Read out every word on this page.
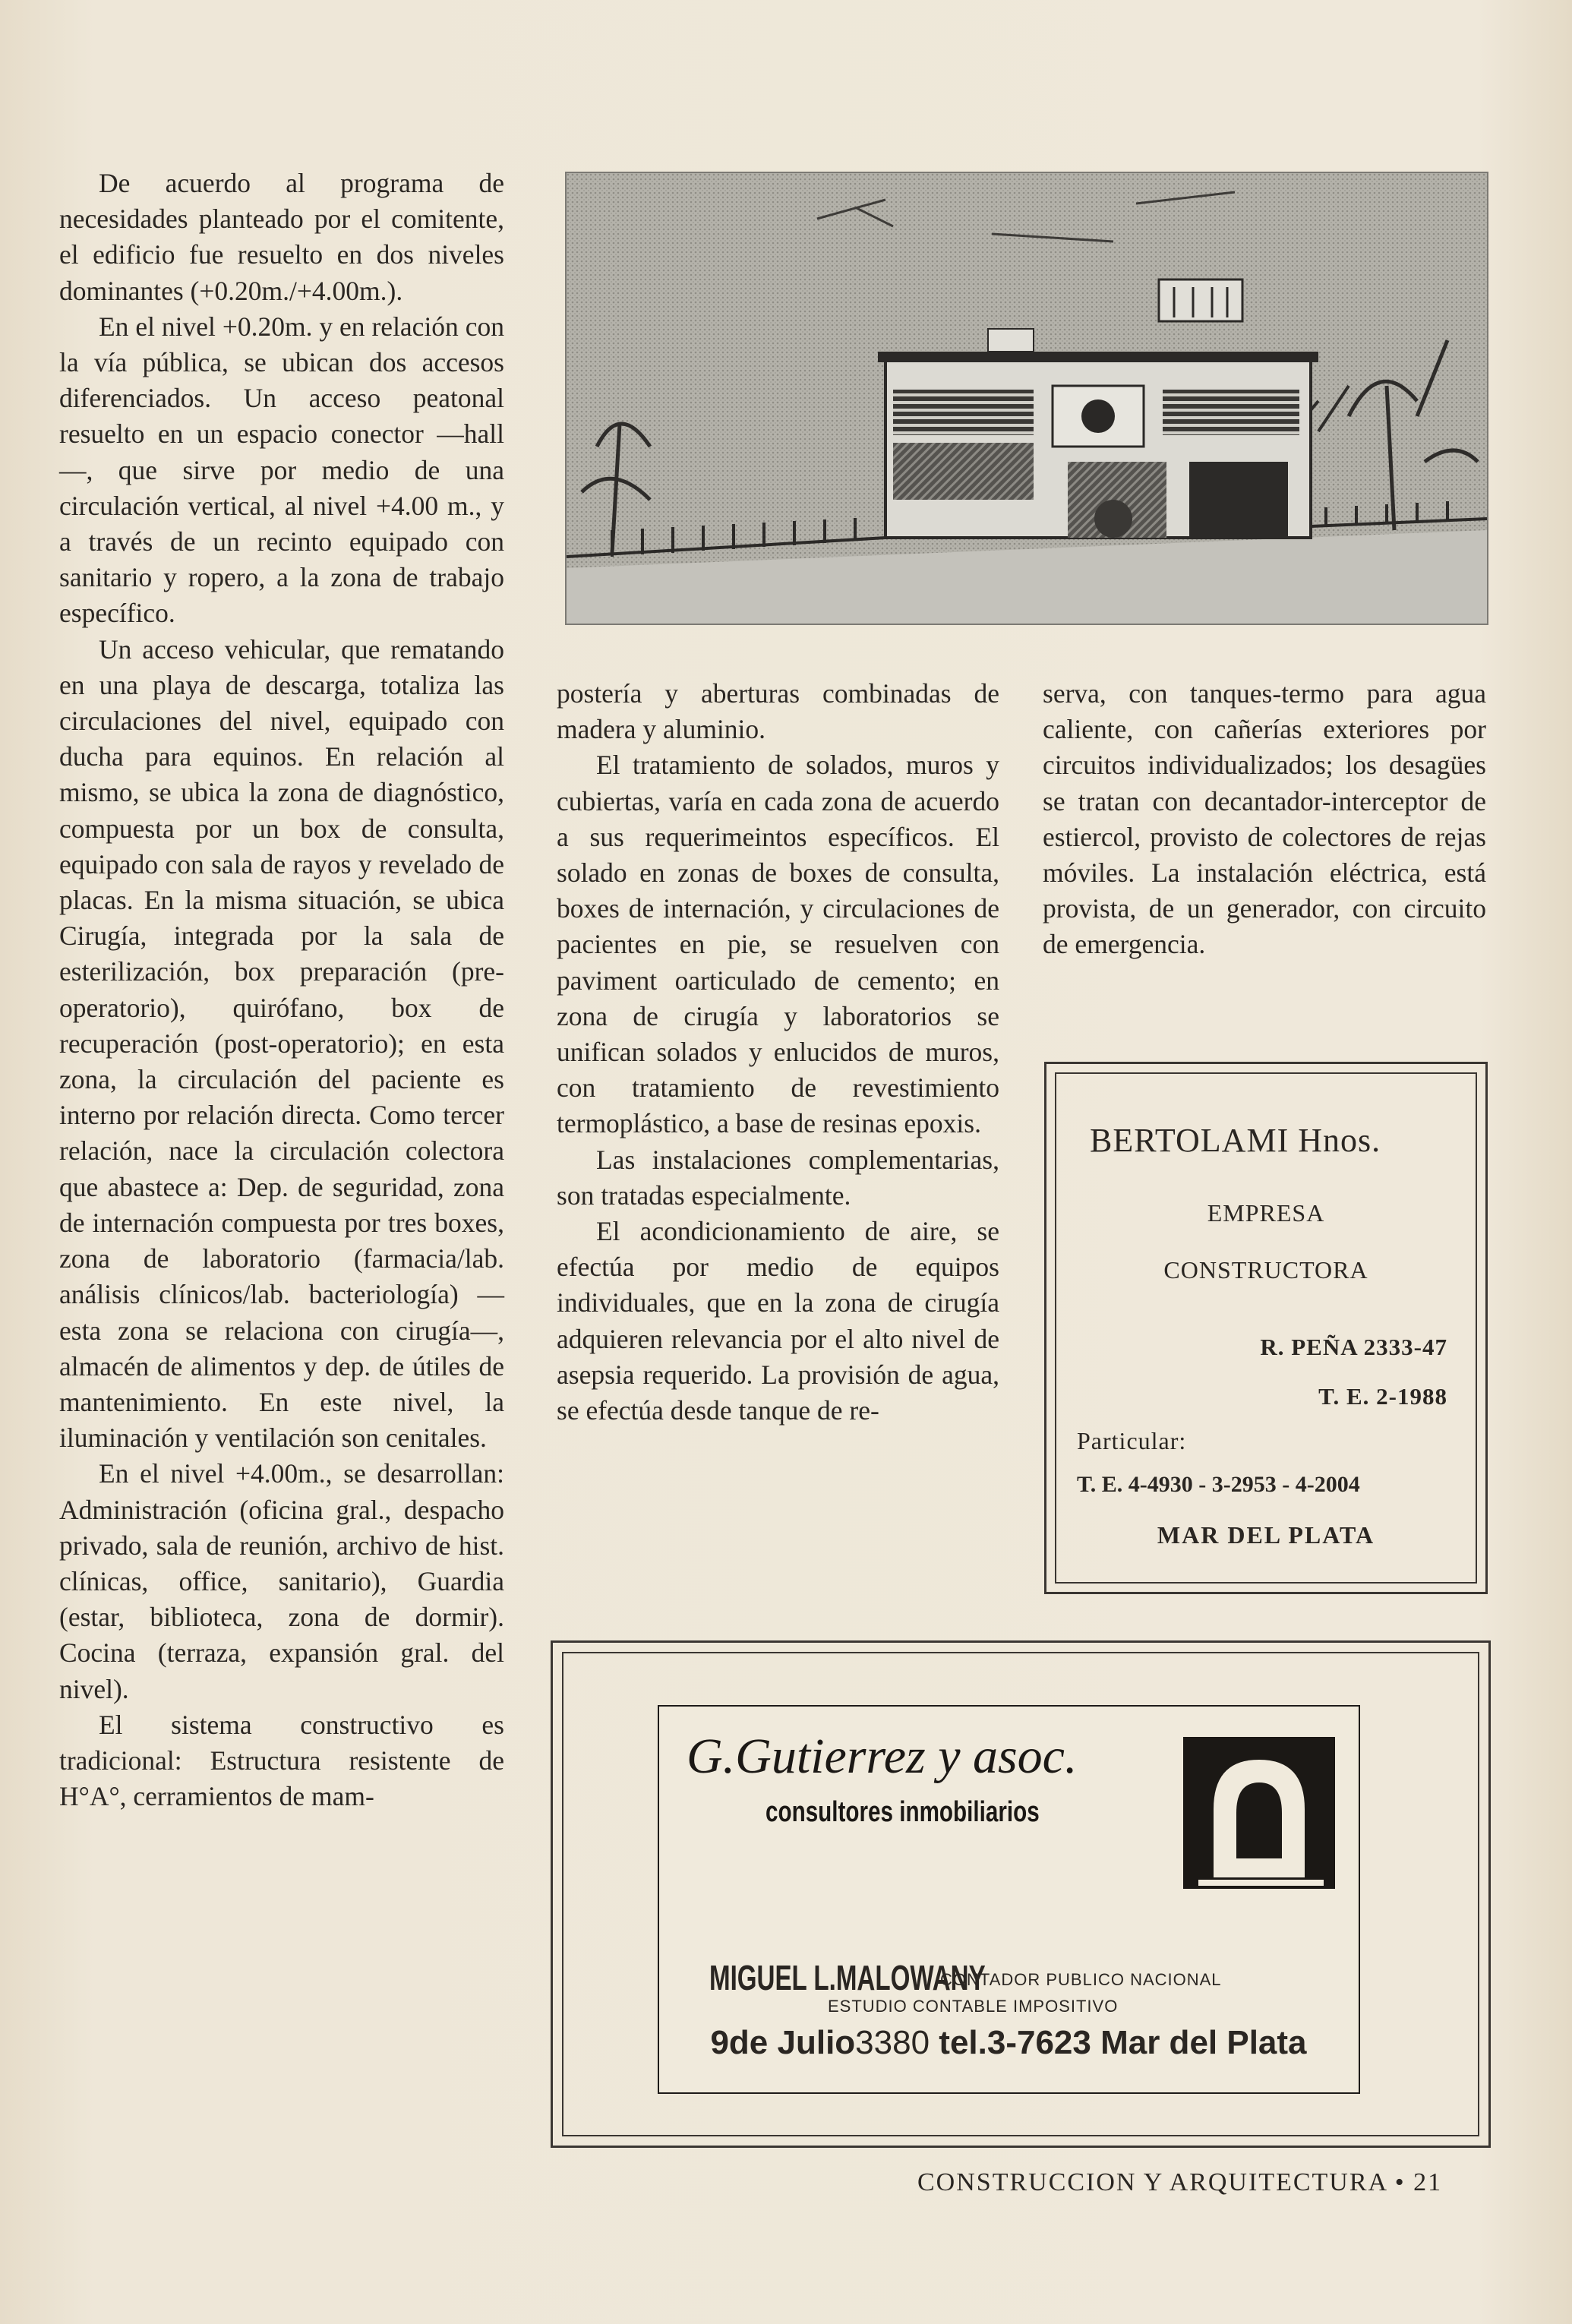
De acuerdo al programa de necesidades planteado por el comitente, el edificio fue resuelto en dos niveles dominantes (+0.20m./+4.00m.).

En el nivel +0.20m. y en relación con la vía pública, se ubican dos accesos diferenciados. Un acceso peatonal resuelto en un espacio conector —hall—, que sirve por medio de una circulación vertical, al nivel +4.00 m., y a través de un recinto equipado con sanitario y ropero, a la zona de trabajo específico.

Un acceso vehicular, que rematando en una playa de descarga, totaliza las circulaciones del nivel, equipado con ducha para equinos. En relación al mismo, se ubica la zona de diagnóstico, compuesta por un box de consulta, equipado con sala de rayos y revelado de placas. En la misma situación, se ubica Cirugía, integrada por la sala de esterilización, box preparación (pre-operatorio), quirófano, box de recuperación (post-operatorio); en esta zona, la circulación del paciente es interno por relación directa. Como tercer relación, nace la circulación colectora que abastece a: Dep. de seguridad, zona de internación compuesta por tres boxes, zona de laboratorio (farmacia/lab. análisis clínicos/lab. bacteriología) —esta zona se relaciona con cirugía—, almacén de alimentos y dep. de útiles de mantenimiento. En este nivel, la iluminación y ventilación son cenitales.

En el nivel +4.00m., se desarrollan: Administración (oficina gral., despacho privado, sala de reunión, archivo de hist. clínicas, office, sanitario), Guardia (estar, biblioteca, zona de dormir). Cocina (terraza, expansión gral. del nivel).

El sistema constructivo es tradicional: Estructura resistente de H°A°, cerramientos de mam-

postería y aberturas combinadas de madera y aluminio.

El tratamiento de solados, muros y cubiertas, varía en cada zona de acuerdo a sus requerimeintos específicos. El solado en zonas de boxes de consulta, boxes de internación, y circulaciones de pacientes en pie, se resuelven con paviment oarticulado de cemento; en zona de cirugía y laboratorios se unifican solados y enlucidos de muros, con tratamiento de revestimiento termoplástico, a base de resinas epoxis.

Las instalaciones complementarias, son tratadas especialmente.

El acondicionamiento de aire, se efectúa por medio de equipos individuales, que en la zona de cirugía adquieren relevancia por el alto nivel de asepsia requerido. La provisión de agua, se efectúa desde tanque de re-

serva, con tanques-termo para agua caliente, con cañerías exteriores por circuitos individualizados; los desagües se tratan con decantador-interceptor de estiercol, provisto de colectores de rejas móviles. La instalación eléctrica, está provista, de un generador, con circuito de emergencia.

BERTOLAMI Hnos.
EMPRESA
CONSTRUCTORA
R. PEÑA 2333-47
T. E. 2-1988
Particular:
T. E. 4-4930 - 3-2953 - 4-2004
MAR DEL PLATA
G.Gutierrez y asoc.
consultores inmobiliarios
MIGUEL L.MALOWANY
CONTADOR PUBLICO NACIONAL
ESTUDIO CONTABLE IMPOSITIVO
9de Julio3380 tel.3-7623 Mar del Plata
CONSTRUCCION Y ARQUITECTURA • 21
